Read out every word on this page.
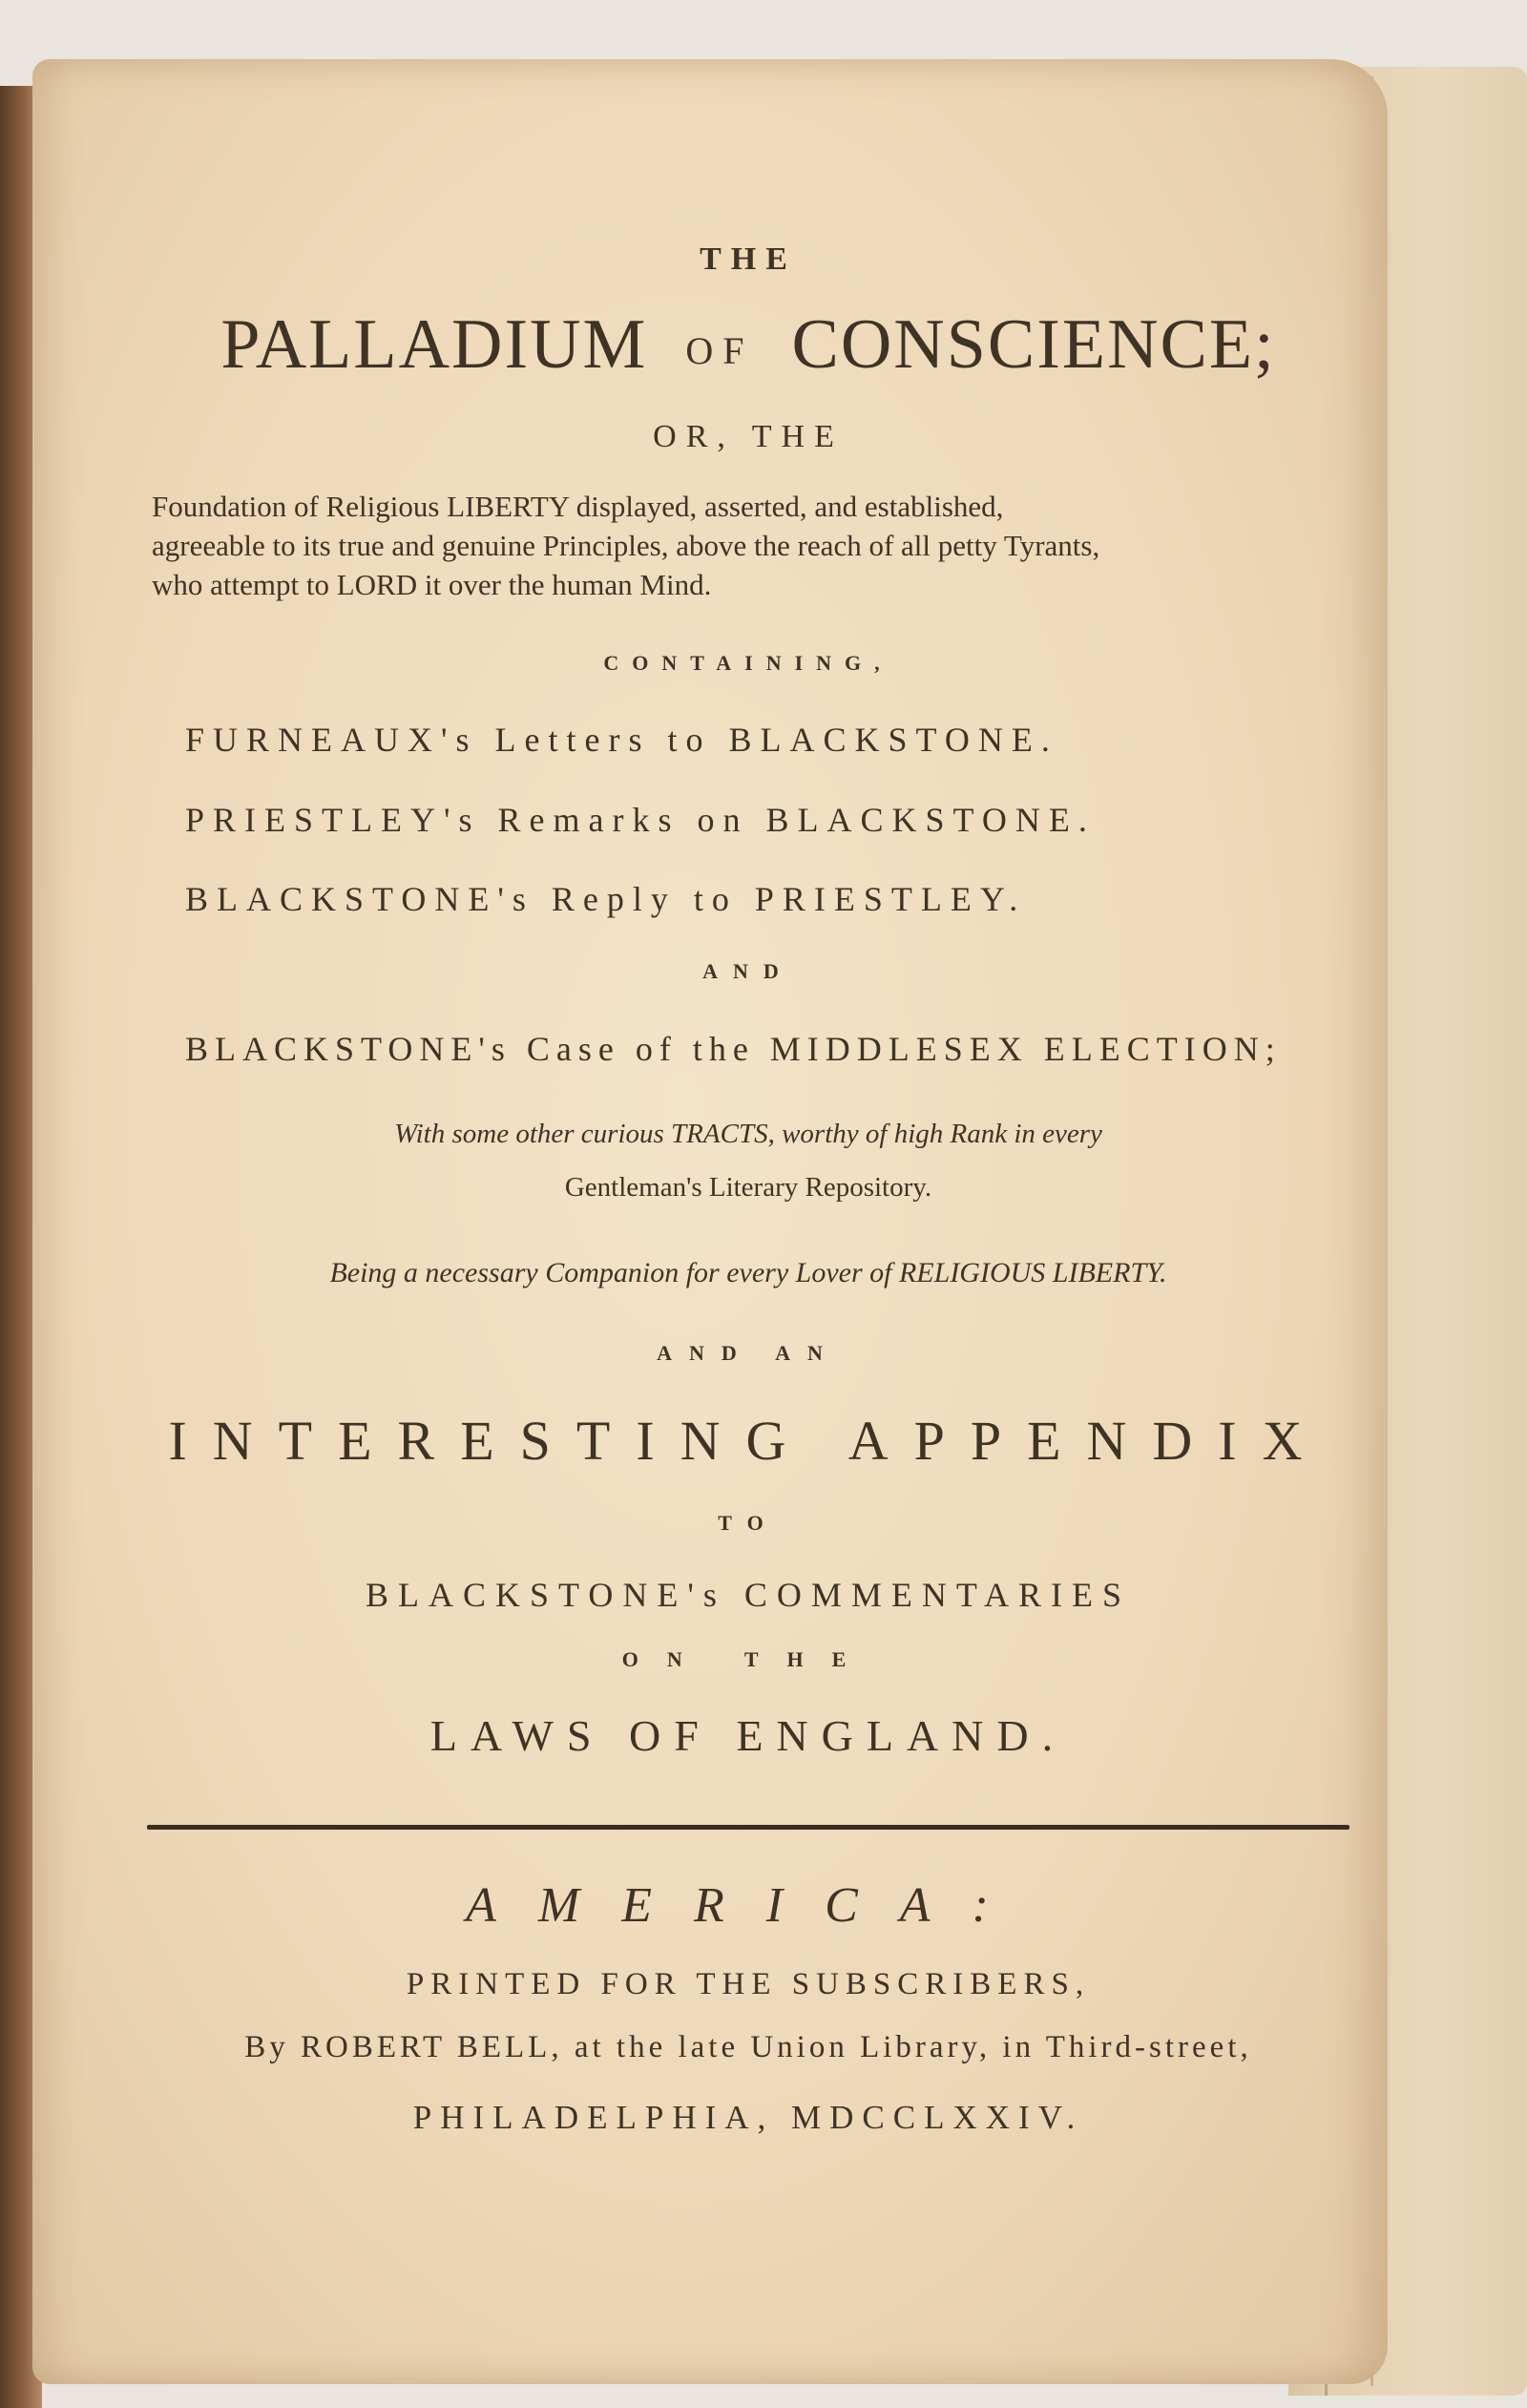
THE

PALLADIUM OF CONSCIENCE;

OR, THE

Foundation of Religious LIBERTY displayed, asserted, and established,
agreeable to its true and genuine Principles, above the reach of all petty Tyrants,
who attempt to LORD it over the human Mind.

CONTAINING,

FURNEAUX's Letters to BLACKSTONE.

PRIESTLEY's Remarks on BLACKSTONE.

BLACKSTONE's Reply to PRIESTLEY.

AND

BLACKSTONE's Case of the MIDDLESEX ELECTION;

With some other curious TRACTS, worthy of high Rank in every

Gentleman's Literary Repository.

Being a necessary Companion for every Lover of RELIGIOUS LIBERTY.

AND AN

INTERESTING APPENDIX

TO

BLACKSTONE's COMMENTARIES

ON THE

LAWS OF ENGLAND.

AMERICA:

PRINTED FOR THE SUBSCRIBERS,

By ROBERT BELL, at the late Union Library, in Third-street,

PHILADELPHIA, MDCCLXXIV.
